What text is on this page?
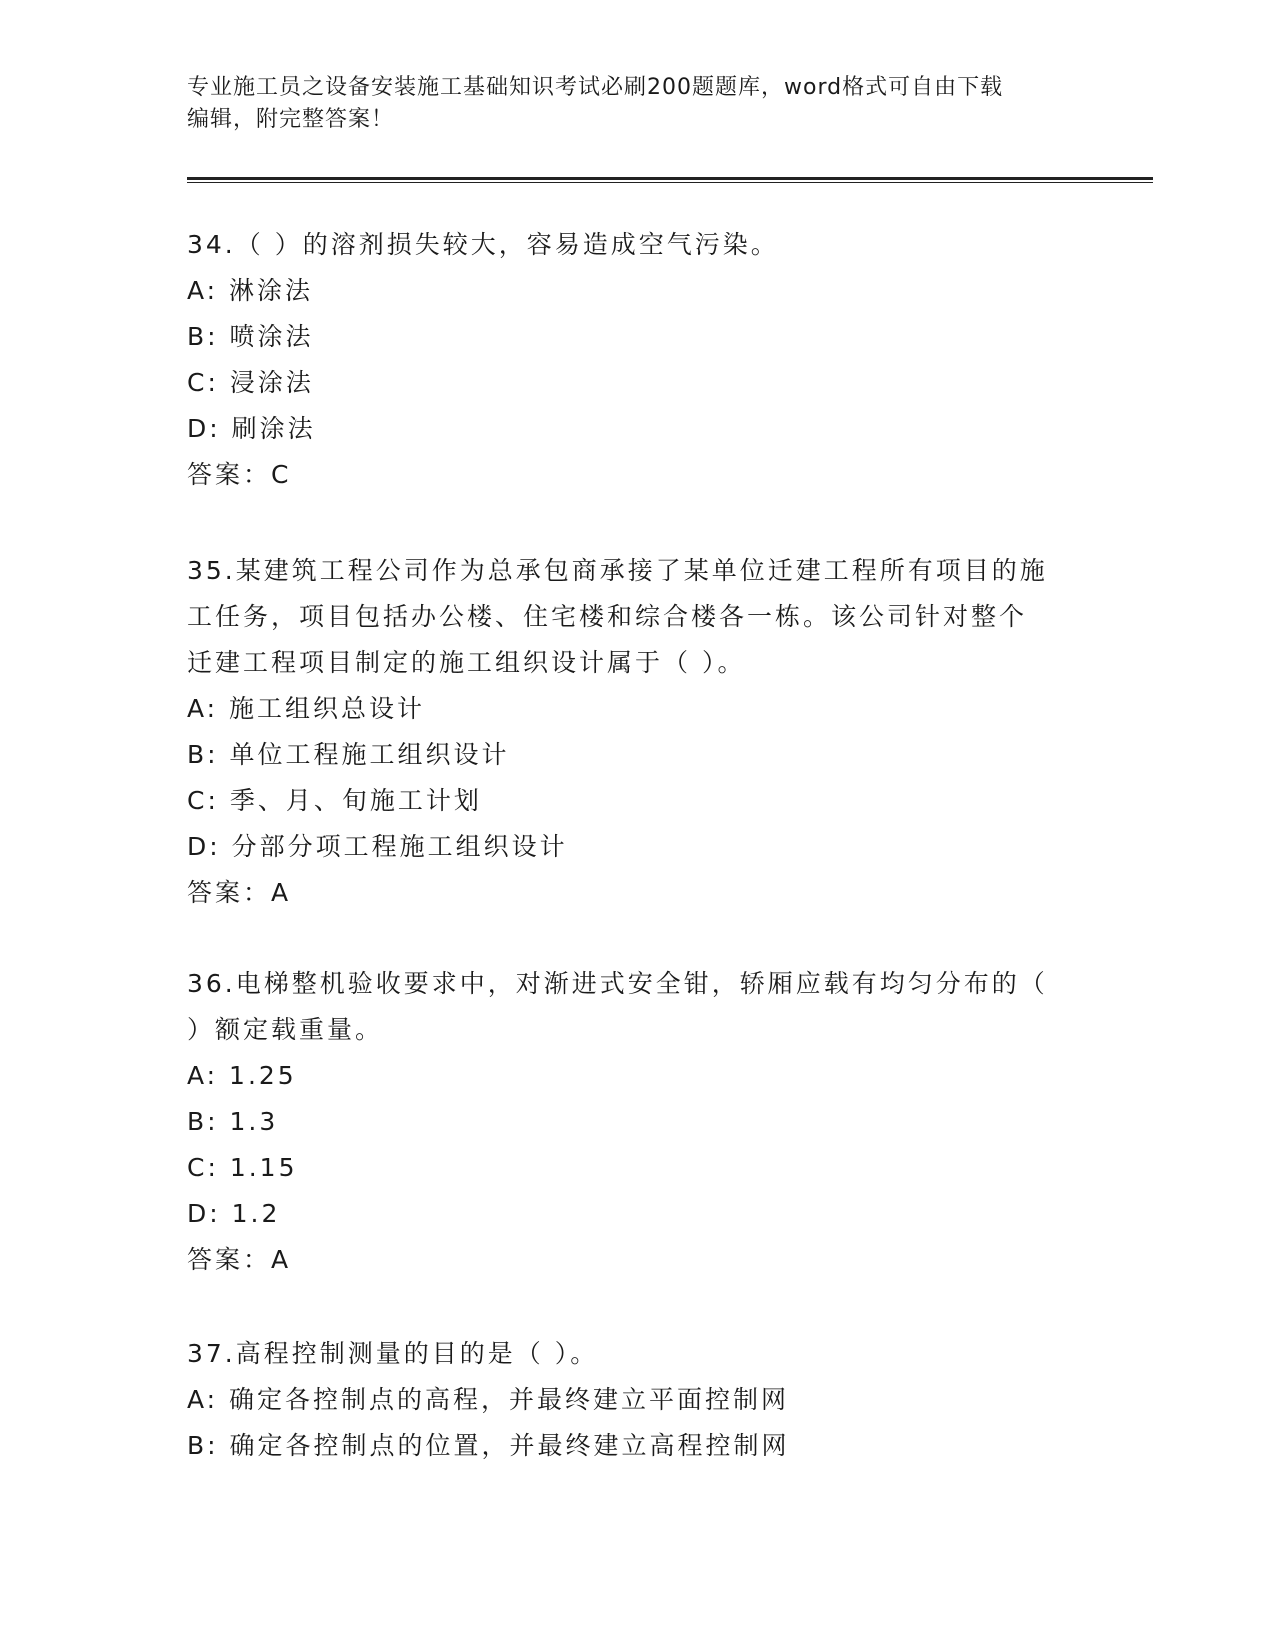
专业施工员之设备安装施工基础知识考试必刷200题题库，word格式可自由下载
编辑，附完整答案！
34.（ ）的溶剂损失较大，容易造成空气污染。
A: 淋涂法
B: 喷涂法
C: 浸涂法
D: 刷涂法
答案：C
35.某建筑工程公司作为总承包商承接了某单位迁建工程所有项目的施
工任务，项目包括办公楼、住宅楼和综合楼各一栋。该公司针对整个
迁建工程项目制定的施工组织设计属于（ ）。
A: 施工组织总设计
B: 单位工程施工组织设计
C: 季、月、旬施工计划
D: 分部分项工程施工组织设计
答案：A
36.电梯整机验收要求中，对渐进式安全钳，轿厢应载有均匀分布的（
）额定载重量。
A: 1.25
B: 1.3
C: 1.15
D: 1.2
答案：A
37.高程控制测量的目的是（ ）。
A: 确定各控制点的高程，并最终建立平面控制网
B: 确定各控制点的位置，并最终建立高程控制网
